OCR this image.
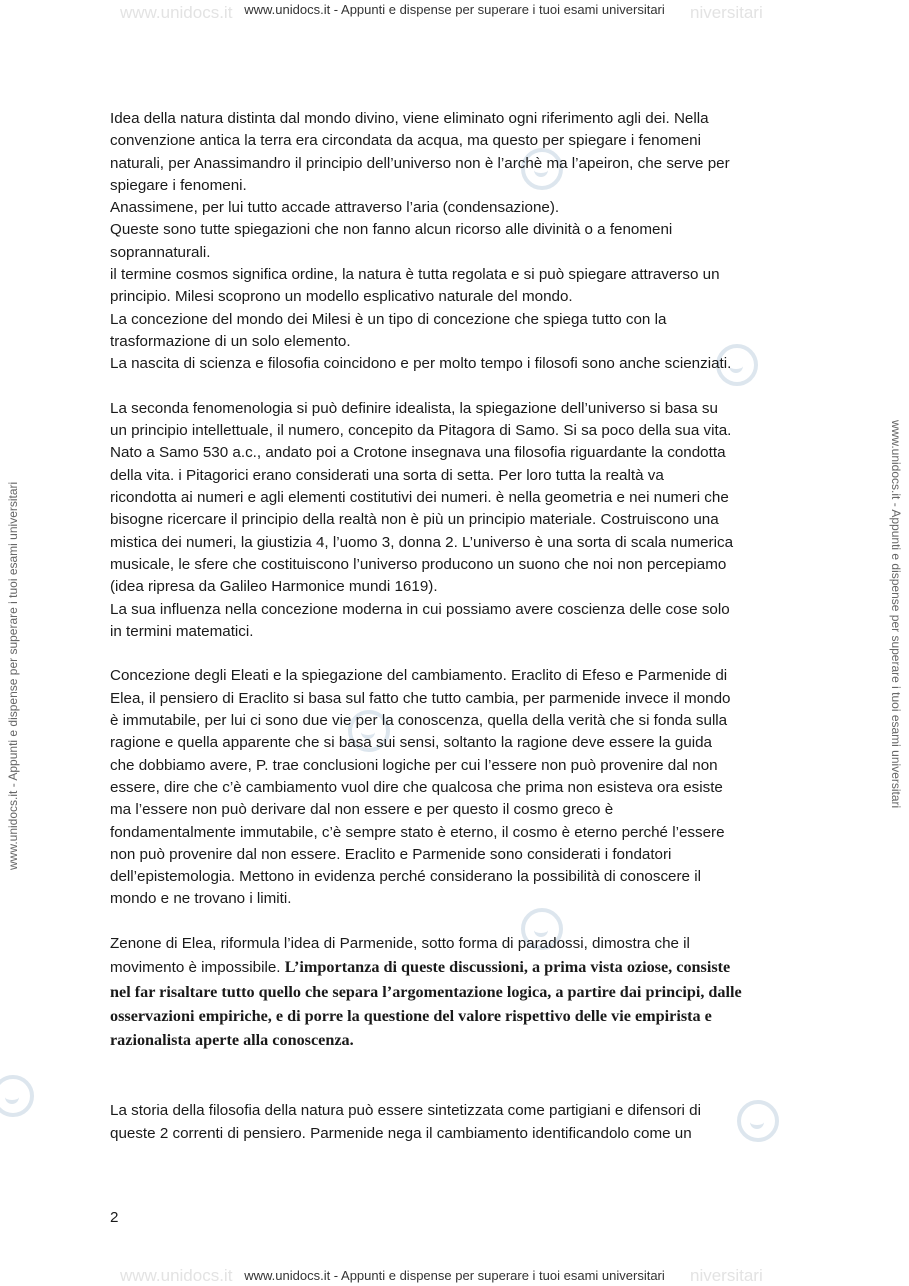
www.unidocs.it	niversitari
www.unidocs.it - Appunti e dispense per superare i tuoi esami universitari
www.unidocs.it - Appunti e dispense per superare i tuoi esami universitari	www.unidocs.it - Appunti e dispense per superare i tuoi esami universitari

Idea della natura distinta dal mondo divino, viene eliminato ogni riferimento agli dei. Nella
convenzione antica la terra era circondata da acqua, ma questo per spiegare i fenomeni
naturali, per Anassimandro il principio dell’universo non è l’archè ma l’apeiron, che serve per
spiegare i fenomeni.
Anassimene, per lui tutto accade attraverso l’aria (condensazione).
Queste sono tutte spiegazioni che non fanno alcun ricorso alle divinità o a fenomeni
soprannaturali.
il termine cosmos significa ordine, la natura è tutta regolata e si può spiegare attraverso un
principio. Milesi scoprono un modello esplicativo naturale del mondo.
La concezione del mondo dei Milesi è un tipo di concezione che spiega tutto con la
trasformazione di un solo elemento.
La nascita di scienza e filosofia coincidono e per molto tempo i filosofi sono anche scienziati.

La seconda fenomenologia si può definire idealista, la spiegazione dell’universo si basa su
un principio intellettuale, il numero, concepito da Pitagora di Samo. Si sa poco della sua vita.
Nato a Samo 530 a.c., andato poi a Crotone insegnava una filosofia riguardante la condotta
della vita. i Pitagorici erano considerati una sorta di setta. Per loro tutta la realtà va
ricondotta ai numeri e agli elementi costitutivi dei numeri. è nella geometria e nei numeri che
bisogne ricercare il principio della realtà non è più un principio materiale. Costruiscono una
mistica dei numeri, la giustizia 4, l’uomo 3, donna 2. L’universo è una sorta di scala numerica
musicale, le sfere che costituiscono l’universo producono un suono che noi non percepiamo
(idea ripresa da Galileo Harmonice mundi 1619).
La sua influenza nella concezione moderna in cui possiamo avere coscienza delle cose solo
in termini matematici.

Concezione degli Eleati e la spiegazione del cambiamento. Eraclito di Efeso e Parmenide di
Elea, il pensiero di Eraclito si basa sul fatto che tutto cambia, per parmenide invece il mondo
è immutabile, per lui ci sono due vie per la conoscenza, quella della verità che si fonda sulla
ragione e quella apparente che si basa sui sensi, soltanto la ragione deve essere la guida
che dobbiamo avere, P. trae conclusioni logiche per cui l’essere non può provenire dal non
essere, dire che c’è cambiamento vuol dire che qualcosa che prima non esisteva ora esiste
ma l’essere non può derivare dal non essere e per questo il cosmo greco è
fondamentalmente immutabile, c’è sempre stato è eterno, il cosmo è eterno perché l’essere
non può provenire dal non essere. Eraclito e Parmenide sono considerati i fondatori
dell’epistemologia. Mettono in evidenza perché considerano la possibilità di conoscere il
mondo e ne trovano i limiti.

Zenone di Elea, riformula l’idea di Parmenide, sotto forma di paradossi, dimostra che il
movimento è impossibile. L’importanza di queste discussioni, a prima vista oziose, consiste
nel far risaltare tutto quello che separa l’argomentazione logica, a partire dai principi, dalle
osservazioni empiriche, e di porre la questione del valore rispettivo delle vie empirista e
razionalista aperte alla conoscenza.

La storia della filosofia della natura può essere sintetizzata come partigiani e difensori di
queste 2 correnti di pensiero. Parmenide nega il cambiamento identificandolo come un

2
www.unidocs.it	niversitari
www.unidocs.it - Appunti e dispense per superare i tuoi esami universitari
